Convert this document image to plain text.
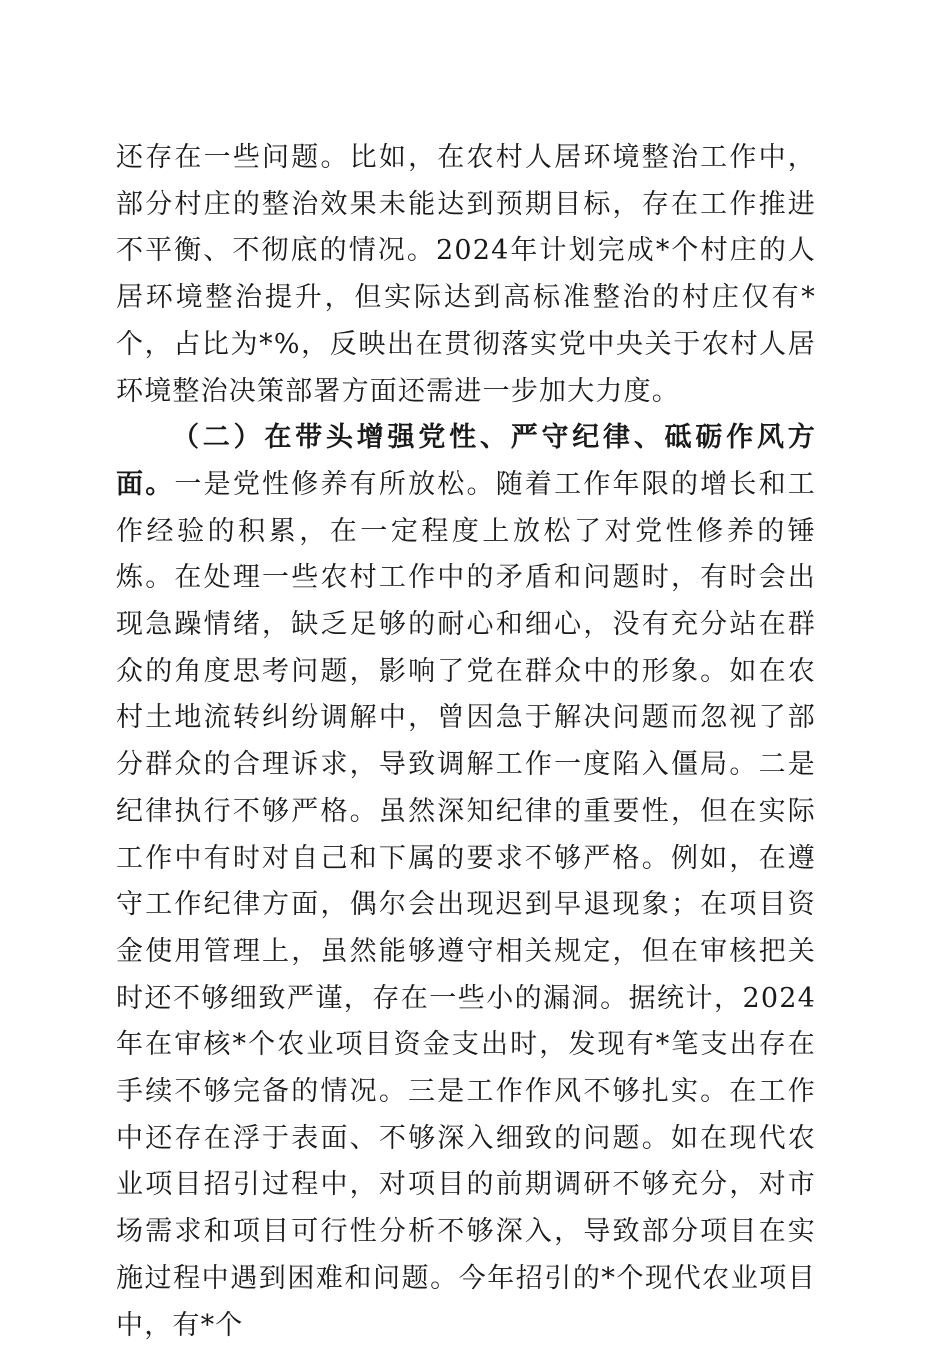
还存在一些问题。比如，在农村人居环境整治工作中，部分村庄的整治效果未能达到预期目标，存在工作推进不平衡、不彻底的情况。2024年计划完成*个村庄的人居环境整治提升，但实际达到高标准整治的村庄仅有*个，占比为*%，反映出在贯彻落实党中央关于农村人居环境整治决策部署方面还需进一步加大力度。

（二）在带头增强党性、严守纪律、砥砺作风方面。一是党性修养有所放松。随着工作年限的增长和工作经验的积累，在一定程度上放松了对党性修养的锤炼。在处理一些农村工作中的矛盾和问题时，有时会出现急躁情绪，缺乏足够的耐心和细心，没有充分站在群众的角度思考问题，影响了党在群众中的形象。如在农村土地流转纠纷调解中，曾因急于解决问题而忽视了部分群众的合理诉求，导致调解工作一度陷入僵局。二是纪律执行不够严格。虽然深知纪律的重要性，但在实际工作中有时对自己和下属的要求不够严格。例如，在遵守工作纪律方面，偶尔会出现迟到早退现象；在项目资金使用管理上，虽然能够遵守相关规定，但在审核把关时还不够细致严谨，存在一些小的漏洞。据统计，2024年在审核*个农业项目资金支出时，发现有*笔支出存在手续不够完备的情况。三是工作作风不够扎实。在工作中还存在浮于表面、不够深入细致的问题。如在现代农业项目招引过程中，对项目的前期调研不够充分，对市场需求和项目可行性分析不够深入，导致部分项目在实施过程中遇到困难和问题。今年招引的*个现代农业项目中，有*个
